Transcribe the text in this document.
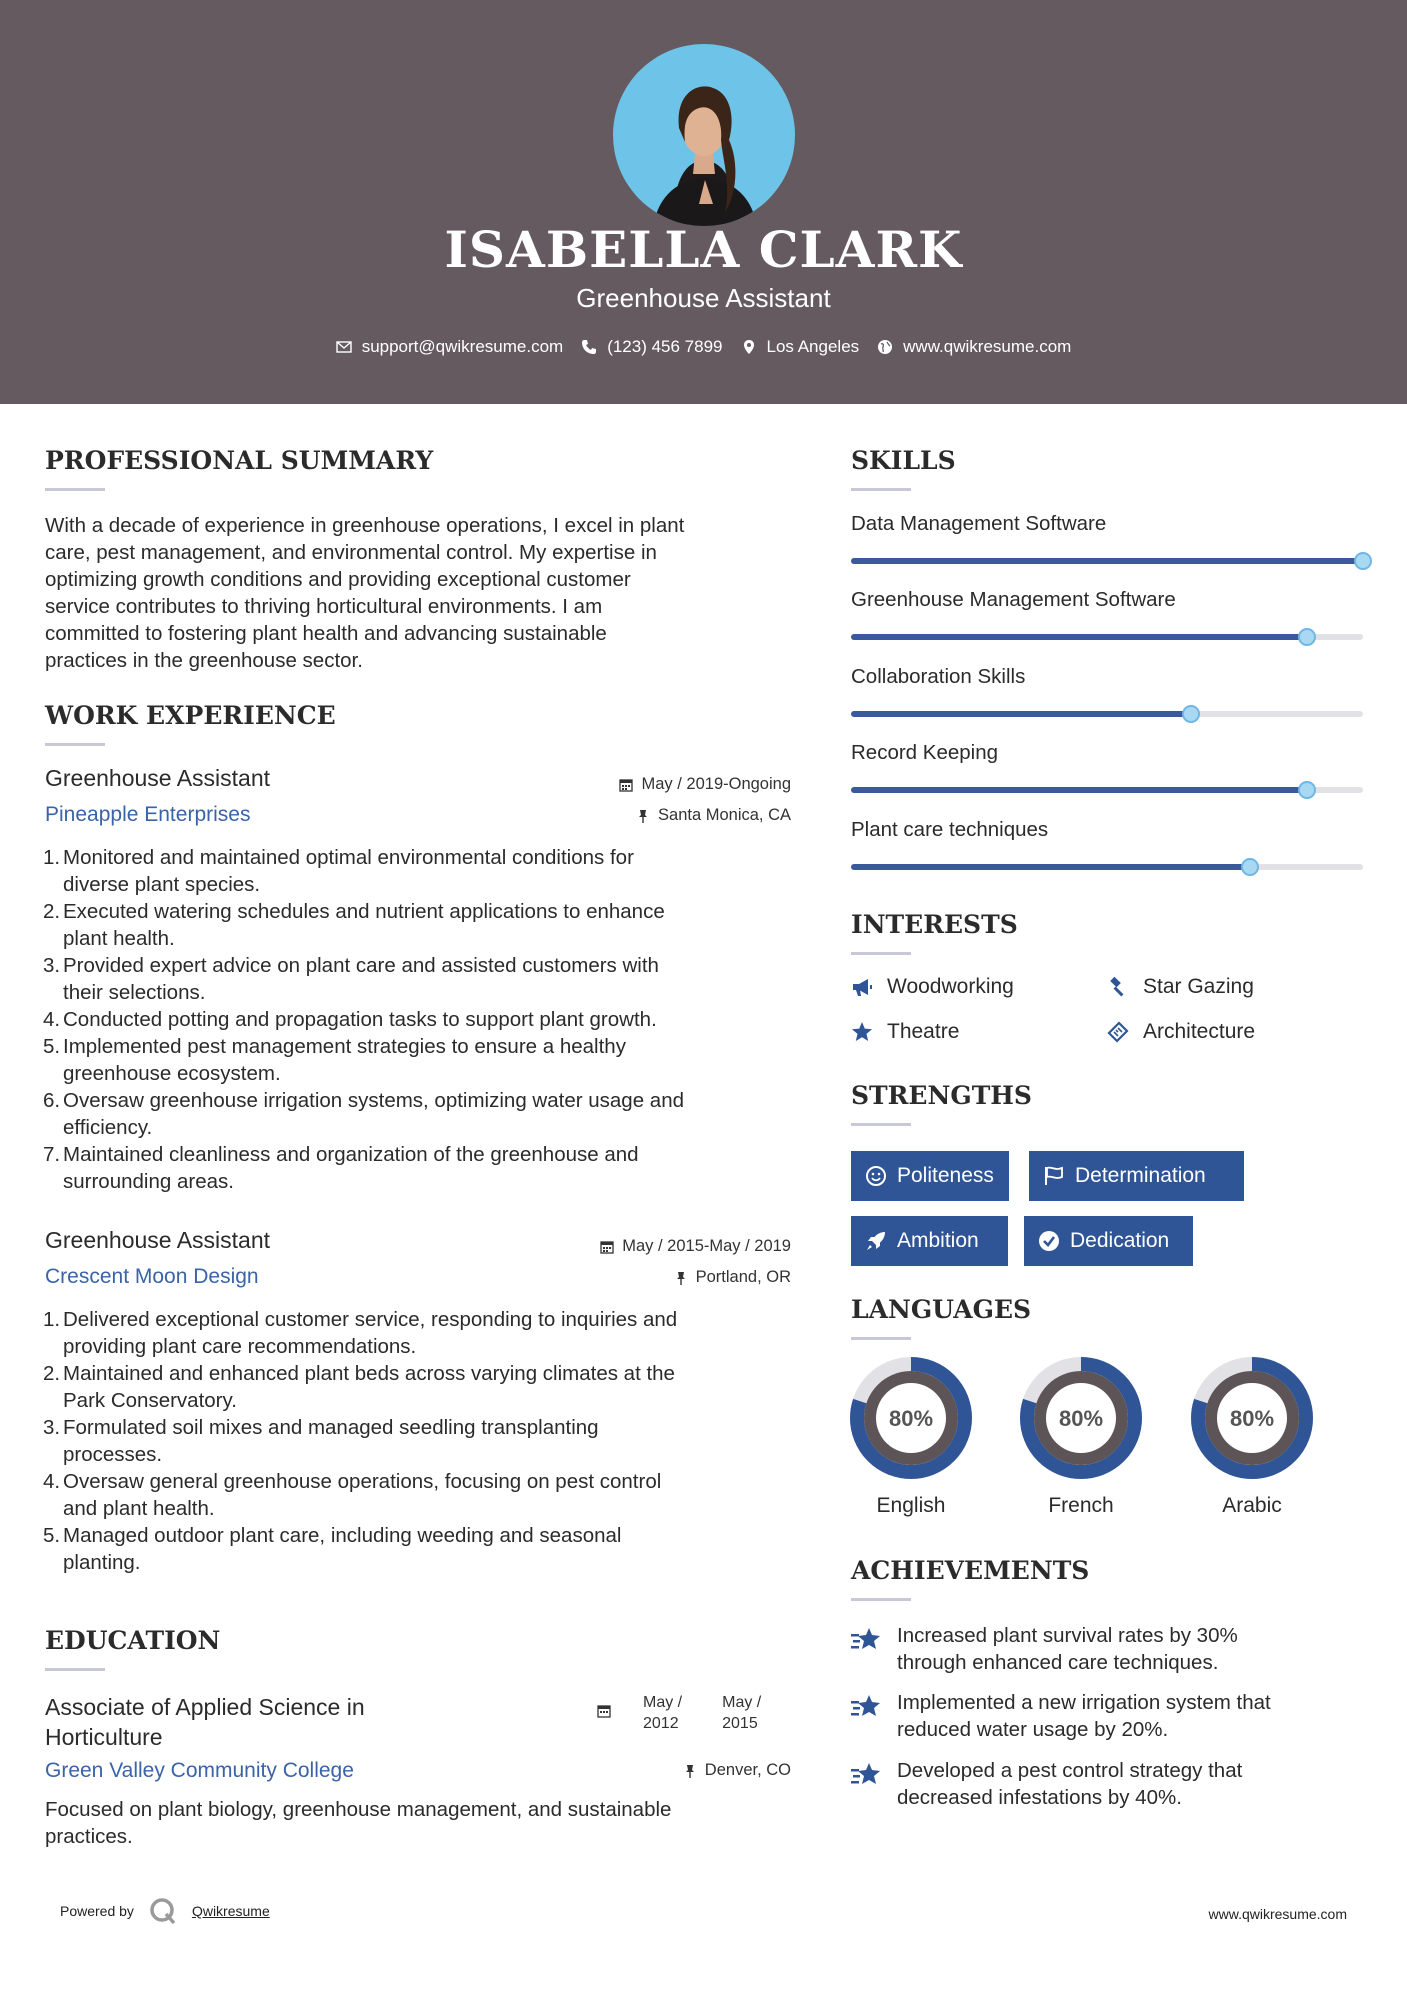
ISABELLA CLARK
Greenhouse Assistant
support@qwikresume.com	(123) 456 7899	Los Angeles	www.qwikresume.com
PROFESSIONAL SUMMARY
With a decade of experience in greenhouse operations, I excel in plant
care, pest management, and environmental control. My expertise in
optimizing growth conditions and providing exceptional customer
service contributes to thriving horticultural environments. I am
committed to fostering plant health and advancing sustainable
practices in the greenhouse sector.
WORK EXPERIENCE
Greenhouse Assistant
Pineapple Enterprises
May / 2019-Ongoing
Santa Monica, CA
1. Monitored and maintained optimal environmental conditions for
diverse plant species.
2. Executed watering schedules and nutrient applications to enhance
plant health.
3. Provided expert advice on plant care and assisted customers with
their selections.
4. Conducted potting and propagation tasks to support plant growth.
5. Implemented pest management strategies to ensure a healthy
greenhouse ecosystem.
6. Oversaw greenhouse irrigation systems, optimizing water usage and
efficiency.
7. Maintained cleanliness and organization of the greenhouse and
surrounding areas.
Greenhouse Assistant
Crescent Moon Design
May / 2015-May / 2019
Portland, OR
1. Delivered exceptional customer service, responding to inquiries and
providing plant care recommendations.
2. Maintained and enhanced plant beds across varying climates at the
Park Conservatory.
3. Formulated soil mixes and managed seedling transplanting
processes.
4. Oversaw general greenhouse operations, focusing on pest control
and plant health.
5. Managed outdoor plant care, including weeding and seasonal
planting.
EDUCATION
Associate of Applied Science in
Horticulture
May /
2012
May /
2015
Green Valley Community College	Denver, CO
Focused on plant biology, greenhouse management, and sustainable
practices.
SKILLS
Data Management Software
Greenhouse Management Software
Collaboration Skills
Record Keeping
Plant care techniques
INTERESTS
Woodworking	Star Gazing
Theatre	Architecture
STRENGTHS
Politeness	Determination
Ambition	Dedication
LANGUAGES
80%
English
80%
French
80%
Arabic
ACHIEVEMENTS
Increased plant survival rates by 30%
through enhanced care techniques.
Implemented a new irrigation system that
reduced water usage by 20%.
Developed a pest control strategy that
decreased infestations by 40%.
Powered by	Qwikresume	www.qwikresume.com
